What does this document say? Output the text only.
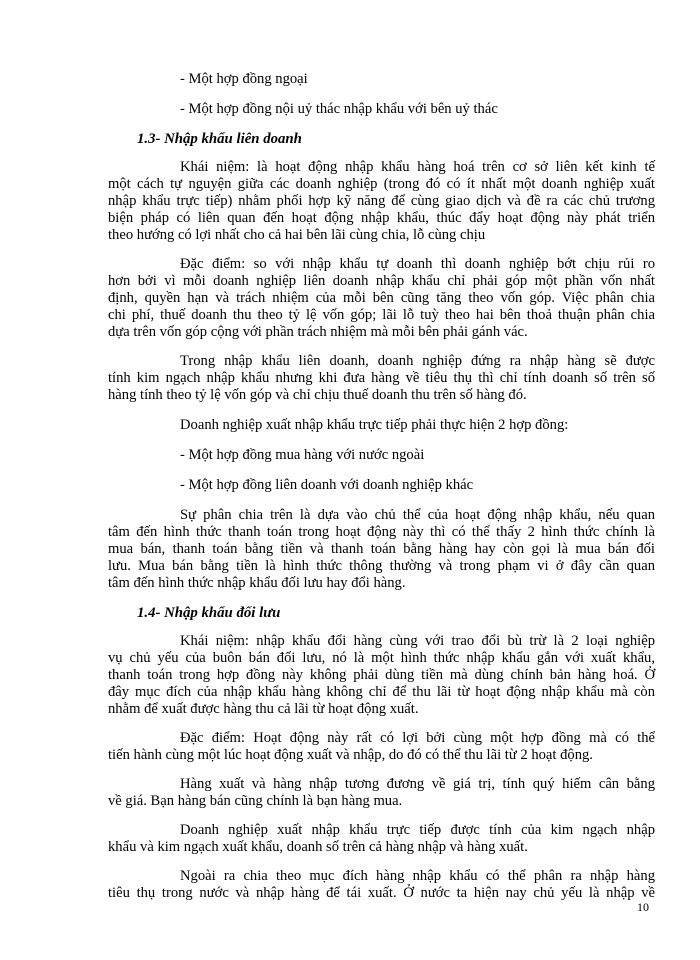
- Một hợp đồng ngoại
- Một hợp đồng nội uỷ thác nhập khẩu với bên uỷ thác
1.3- Nhập khẩu liên doanh
Khái niệm: là hoạt động nhập khẩu hàng hoá trên cơ sở liên kết kinh tế
một cách tự nguyện giữa các doanh nghiệp (trong đó có ít nhất một doanh nghiệp xuất
nhập khẩu trực tiếp) nhằm phối hợp kỹ năng để cùng giao dịch và đề ra các chủ trương
biện pháp có liên quan đến hoạt động nhập khẩu, thúc đẩy hoạt động này phát triển
theo hướng có lợi nhất cho cả hai bên lãi cùng chia, lỗ cùng chịu
Đặc điểm: so với nhập khẩu tự doanh thì doanh nghiệp bớt chịu rủi ro
hơn bởi vì mỗi doanh nghiệp liên doanh nhập khẩu chỉ phải góp một phần vốn nhất
định, quyền hạn và trách nhiệm của mỗi bên cũng tăng theo vốn góp. Việc phân chia
chi phí, thuế doanh thu theo tỷ lệ vốn góp; lãi lỗ tuỳ theo hai bên thoả thuận phân chia
dựa trên vốn góp cộng với phần trách nhiệm mà mỗi bên phải gánh vác.
Trong nhập khẩu liên doanh, doanh nghiệp đứng ra nhập hàng sẽ được
tính kim ngạch nhập khẩu nhưng khi đưa hàng về tiêu thụ thì chỉ tính doanh số trên số
hàng tính theo tỷ lệ vốn góp và chỉ chịu thuế doanh thu trên số hàng đó.
Doanh nghiệp xuất nhập khẩu trực tiếp phải thực hiện 2 hợp đồng:
- Một hợp đồng mua hàng với nước ngoài
- Một hợp đồng liên doanh với doanh nghiệp khác
Sự phân chia trên là dựa vào chủ thể của hoạt động nhập khẩu, nếu quan
tâm đến hình thức thanh toán trong hoạt động này thì có thể thấy 2 hình thức chính là
mua bán, thanh toán bằng tiền và thanh toán bằng hàng hay còn gọi là mua bán đối
lưu. Mua bán bằng tiền là hình thức thông thường và trong phạm vi ở đây cần quan
tâm đến hình thức nhập khẩu đối lưu hay đổi hàng.
1.4- Nhập khẩu đối lưu
Khái niệm: nhập khẩu đổi hàng cùng với trao đổi bù trừ là 2 loại nghiệp
vụ chủ yếu của buôn bán đối lưu, nó là một hình thức nhập khẩu gắn với xuất khẩu,
thanh toán trong hợp đồng này không phải dùng tiền mà dùng chính bản hàng hoá. Ở
đây mục đích của nhập khẩu hàng không chỉ để thu lãi từ hoạt động nhập khẩu mà còn
nhằm để xuất được hàng thu cả lãi từ hoạt động xuất.
Đặc điểm: Hoạt động này rất có lợi bởi cùng một hợp đồng mà có thể
tiến hành cùng một lúc hoạt động xuất và nhập, do đó có thể thu lãi từ 2 hoạt động.
Hàng xuất và hàng nhập tương đương về giá trị, tính quý hiếm cân bằng
về giá. Bạn hàng bán cũng chính là bạn hàng mua.
Doanh nghiệp xuất nhập khẩu trực tiếp được tính của kim ngạch nhập
khẩu và kim ngạch xuất khẩu, doanh số trên cả hàng nhập và hàng xuất.
Ngoài ra chia theo mục đích hàng nhập khẩu có thể phân ra nhập hàng
tiêu thụ trong nước và nhập hàng để tái xuất. Ở nước ta hiện nay chủ yếu là nhập về
10
